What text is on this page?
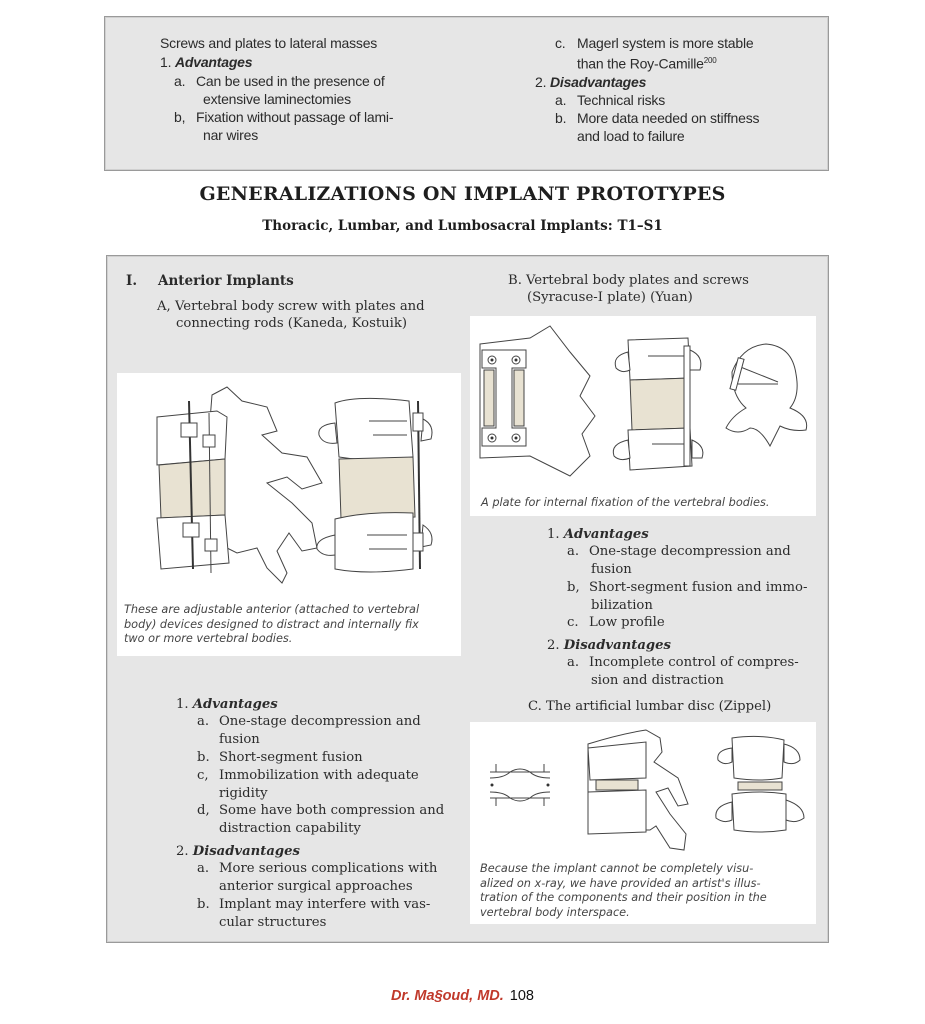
Screws and plates to lateral masses
1. Advantages
a. Can be used in the presence of
extensive laminectomies
b, Fixation without passage of lami-
nar wires
c. Magerl system is more stable
than the Roy-Camille$^{200}$
2. Disadvantages
a. Technical risks
b. More data needed on stiffness
and load to failure
GENERALIZATIONS ON IMPLANT PROTOTYPES
Thoracic, Lumbar, and Lumbosacral Implants: T1–S1
I. Anterior Implants
A, Vertebral body screw with plates and
connecting rods (Kaneda, Kostuik)
B. Vertebral body plates and screws
(Syracuse-I plate) (Yuan)
These are adjustable anterior (attached to vertebral
body) devices designed to distract and internally fix
two or more vertebral bodies.
A plate for internal fixation of the vertebral bodies.
1. Advantages
a. One-stage decompression and
fusion
b, Short-segment fusion and immo-
bilization
c. Low profile
2. Disadvantages
a. Incomplete control of compres-
sion and distraction
C. The artificial lumbar disc (Zippel)
Because the implant cannot be completely visu-
alized on x-ray, we have provided an artist's illus-
tration of the components and their position in the
vertebral body interspace.
1. Advantages
a. One-stage decompression and
fusion
b. Short-segment fusion
c, Immobilization with adequate
rigidity
d, Some have both compression and
distraction capability
2. Disadvantages
a. More serious complications with
anterior surgical approaches
b. Implant may interfere with vas-
cular structures
Dr. Ma§oud, MD. 108
